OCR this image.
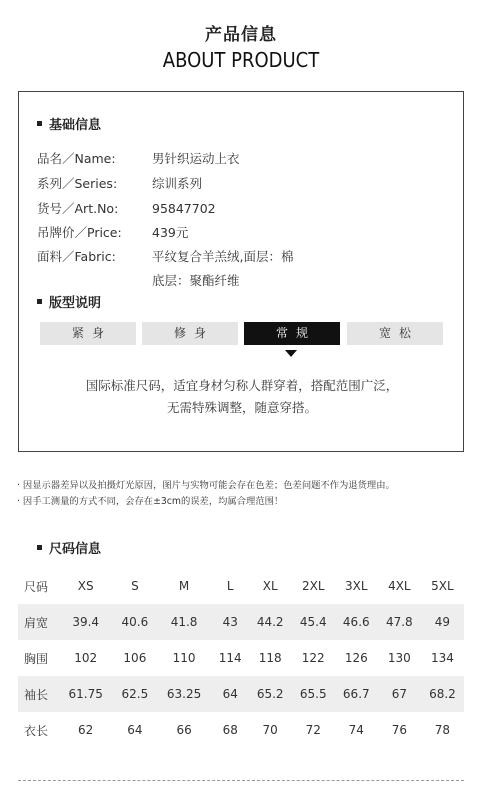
产品信息
ABOUT PRODUCT
基础信息
品名／Name:	男针织运动上衣
系列／Series:	综训系列
货号／Art.No:	95847702
吊牌价／Price: 439元
面料／Fabric:	平纹复合羊羔绒,面层：棉
底层：聚酯纤维
版型说明
紧身	修身	常规	宽松
国际标准尺码，适宜身材匀称人群穿着，搭配范围广泛，
无需特殊调整，随意穿搭。
· 因显示器差异以及拍摄灯光原因，图片与实物可能会存在色差；色差问题不作为退货理由。
· 因手工测量的方式不同，会存在±3cm的误差，均属合理范围！
尺码信息
尺码	XS	S	M	L	XL	2XL	3XL	4XL	5XL
肩宽	39.4	40.6	41.8	43	44.2	45.4	46.6	47.8	49
胸围	102	106	110	114	118	122	126	130	134
袖长	61.75	62.5	63.25	64	65.2	65.5	66.7	67	68.2
衣长	62	64	66	68	70	72	74	76	78
